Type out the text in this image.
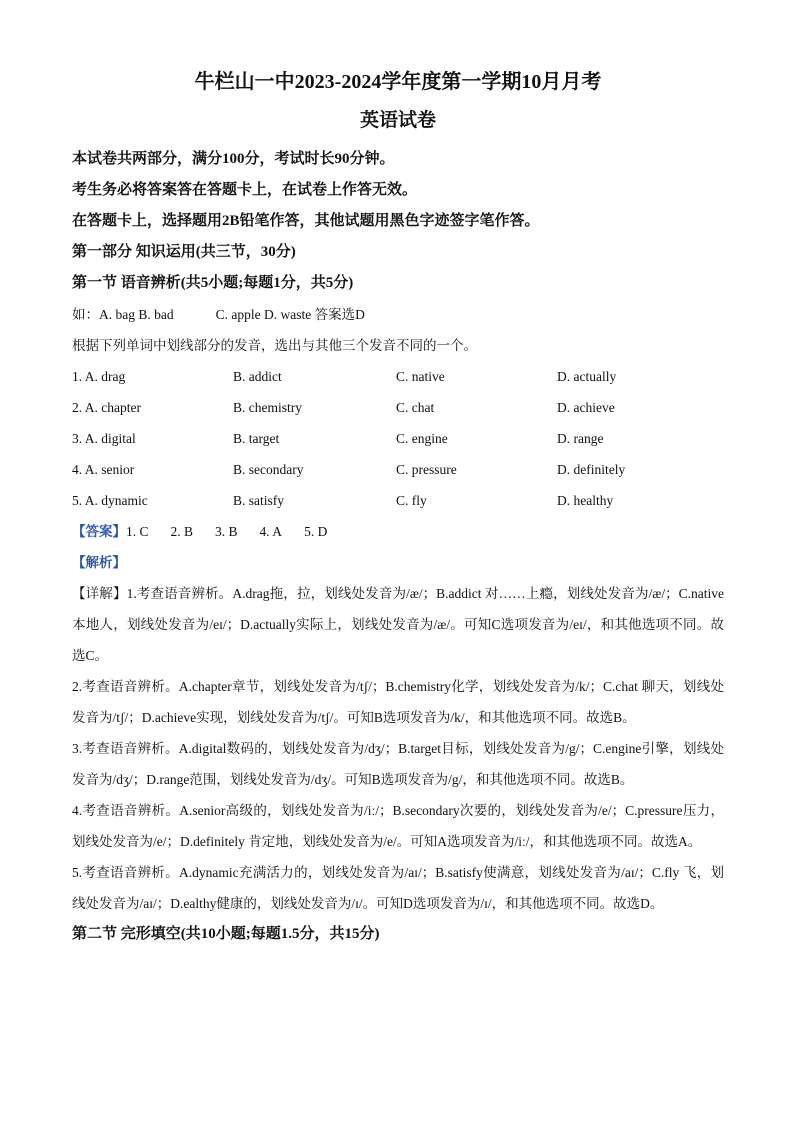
牛栏山一中2023-2024学年度第一学期10月月考
英语试卷
本试卷共两部分，满分100分，考试时长90分钟。
考生务必将答案答在答题卡上，在试卷上作答无效。
在答题卡上，选择题用2B铅笔作答，其他试题用黑色字迹签字笔作答。
第一部分 知识运用(共三节，30分)
第一节 语音辨析(共5小题;每题1分，共5分)
如：A. bag B. bad	C. apple D. waste 答案选D
根据下列单词中划线部分的发音，选出与其他三个发音不同的一个。
1. A. drag	B. addict	C. native	D. actually
2. A. chapter	B. chemistry	C. chat	D. achieve
3. A. digital	B. target	C. engine	D. range
4. A. senior	B. secondary	C. pressure	D. definitely
5. A. dynamic	B. satisfy	C. fly	D. healthy
【答案】1. C 2. B 3. B 4. A 5. D
【解析】

【详解】1.考查语音辨析。A.drag拖，拉，划线处发音为/æ/；B.addict 对……上瘾，划线处发音为/æ/；C.native 本地人，划线处发音为/eɪ/；D.actually实际上，划线处发音为/æ/。可知C选项发音为/eɪ/，和其他选项不同。故选C。

2.考查语音辨析。A.chapter章节，划线处发音为/tʃ/；B.chemistry化学，划线处发音为/k/；C.chat 聊天，划线处发音为/tʃ/；D.achieve实现，划线处发音为/tʃ/。可知B选项发音为/k/，和其他选项不同。故选B。

3.考查语音辨析。A.digital数码的，划线处发音为/dʒ/；B.target目标，划线处发音为/g/；C.engine引擎，划线处发音为/dʒ/；D.range范围，划线处发音为/dʒ/。可知B选项发音为/g/，和其他选项不同。故选B。

4.考查语音辨析。A.senior高级的，划线处发音为/iː/；B.secondary次要的，划线处发音为/e/；C.pressure压力，划线处发音为/e/；D.definitely 肯定地，划线处发音为/e/。可知A选项发音为/iː/，和其他选项不同。故选A。

5.考查语音辨析。A.dynamic充满活力的，划线处发音为/aɪ/；B.satisfy使满意，划线处发音为/aɪ/；C.fly 飞，划线处发音为/aɪ/；D.ealthy健康的，划线处发音为/ɪ/。可知D选项发音为/ɪ/，和其他选项不同。故选D。

第二节 完形填空(共10小题;每题1.5分，共15分)
